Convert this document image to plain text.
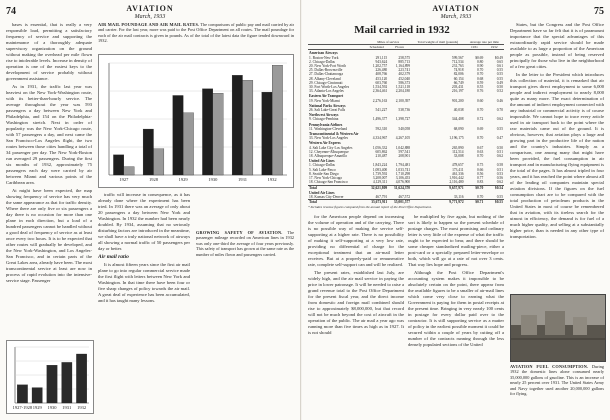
74	AVIATION
March, 1933

bases is essential, that is really a very responsible load, permitting a satisfactory frequency of service and supporting the maintenance of a thoroughly adequate supervisory organization on the ground without making the overhead per mile flown rise to intolerable levels. Increase in density of operation is one of the easiest keys to the development of service probably without government assistance.

As in 1931, the traffic last year was heaviest on the New York-Washington route, with its better-than-hourly service. The average throughout the year was 593 passengers a day between New York and Philadelphia, and 154 on the Philadelphia-Washington stretch. Next in order of popularity was the New York-Chicago route, with 57 passengers a day, and next came the San Francisco-Los Angeles flight, the two routes between those cities handling a total of 34 passenger per day. The New York-Boston run averaged 29 passengers. During the first six months of 1932, approximately 75 passengers each day were carried by air between Miami and various points of the Caribbean area.

At might have been expected, the map showing frequency of service has very much the same appearance as that for traffic density. Where there are only five or six passengers a day there is no occasion for more than one plane in each direction, but a load of a hundred passengers cannot be handled without a good deal of frequency of service as at least once every two hours. It is to be expected that other routes will gradually be developed, and the New York-Washington, and Los Angeles-San Francisco, and in certain parts of the Great Lakes area, already have been. The most transcontinental service at least are now in process of rapid evolution into the intensive-service stage. Passenger

AIR MAIL POUNDAGE AND AIR MAIL RATES. The comparisons of public pay and mail carried by air and carrier. For the last year, more was paid to the Post Office Department on all routes. The mail poundage for each of the air mail contracts is given in pounds. As of the total of the latest data the figure tended downward in 1932.
1927	1928	1929	1930	1931	1932

traffic will increase in consequence, as it has already done where the experiment has been tried. In 1931 there was an average of only about 20 passengers a day between New York and Washington. In 1932 the number had been nearly doubled. By 1934, assuming that no seriously disturbing factors are introduced in the meantime, we shall have a truly national network of airways all showing a normal traffic of 50 passengers per day or better.

Air mail ratio

It is almost fifteen years since the first air mail plane to go into regular commercial service made the first flight with letters between New York and Washington. In that time there have been four or five sharp changes of policy towards the air mail. A great deal of experience has been accumulated, and it has taught many lessons.

GROWING SAFETY OF AVIATION. The passenger mileage recorded on American lines in 1932 was only one-third the average of four years previously. This safety of transport has grown at the same rate as the number of miles flown and passengers carried.
1927-1928 1929 1930 1931 1932
75
AVIATION
March, 1933
Mail carried in 1932
	Miles of service		Total weight of mail (pounds)	Average rate per mile	
	Scheduled	Flown		1931	1932
American Airways					
1. Boston-New York	291,115	258,575	599,567	$0.69	$0.49
2. Chicago-Dallas	943,624	885,713	712,534	0.80	0.65
20. New York-Fort Worth	1,202,757	1,164,899	231,763	0.90	0.61
25. Dallas-Brownsville	226,480	223,741	74,918	0.70	0.55
27. Dallas-Chattanooga	408,766	402,379	82,006	0.70	0.55
28. Albany-Cleveland	453,120	452,040	60,154	0.68	0.55
29. Chicago-Cincinnati	603,760	586,373	66,749	0.59	0.49
30. Fort Worth-Los Angeles	1,534,592	1,521,118	203,431	0.55	0.50
33. Atlanta-Los Angeles	2,364,461	2,204,180	216,197	0.76	0.52
Eastern Air Transport					
19. New York-Miami	2,276,163	2,100,397	901,200	0.60	0.46
National Parks Airways					
26. Salt Lake-Great Falls	541,227	538,736	40,038	0.70	0.70
Northwest Airways					
9. Chicago-Pembina	1,496,377	1,398,727	344,408	0.72	0.62
Pennsylvania Airlines					
11. Washington-Cleveland	592,310	540,058	68,090	0.69	0.55
Transcontinental & Western Air					
33. New York-Los Angeles	4,334,967	4,267,105	1,196,175	0.70	0.47
Western Air Express					
4. Salt Lake City-Los Angeles	1,056,332	1,042,888	265,890	0.67	0.50
12. Cheyenne-Albuquerque	605,862	597,541	112,514	0.63	0.51
18. Albuquerque-Amarillo	210,487	208,901	33,008	0.70	0.62
United Air Lines					
1. Chicago-Dallas	1,843,224	1,794,481	478,657	0.75	0.58
5. Salt Lake-Pasco	1,083,400	1,033,741	173,411	0.66	0.51
8. Seattle-San Diego	1,739,592	1,710,298	461,336	0.56	0.53
17. New York-Chicago	3,208,007	3,106,453	1,916,442	0.77	0.56
18. Chicago-San Francisco	4,129,311	4,076,900	2,116,480	0.83	0.62
Total	32,621,809	31,624,370	9,657,971	$0.70	$0.54
United Air Lines					
18. Kansas City-Denver	467,791	467,572	33,116	0.70	0.55
Total	35,673,911	35,001,577	9,771,972	$0.71	$0.55
* Includes revenue figures computed from the annual report of the Post Office Department.

for the American people depend on increasing the volume of operation and of the carrying. There is no possible way of making the service self-supporting at a higher rate. There is no possibility of making it self-supporting at a very low rate, providing no differential of charge for the exceptional treatment that an air-mail letter receives. But at a properly-paid or remunerative rate, complete self-support can and will be realized.

The present rates, established last July, are widely high, and the air mail service in paying the price in lower patronage. It will be needed to raise a grand revenue total to the Post Office Department for the present fiscal year, and the direct income from domestic and foreign mail combined should rise to approximately $8,000,000, but that record will not be much beyond the cost of aircraft in the operation of the public. The air mail a year ago was running more than five times as high as in 1927. It is not should

be multiplied by five again, but nothing of the sort is likely to happen so the present schedule of postage charges. The most promising and ordinary letter is very little of the expense of what the traffic ought to be expected to bear, and there should be some cheaper standardized mailing-piece, either a post-card or a specially prepared letter-envelope or both, which will go at a rate of not over 3 cents. That way lies hope and progress.

Although the Post Office Department's accounting system makes it impossible to be absolutely certain on the point, there appear from the available figures to be a smaller of air-mail lines which come very close to earning what the Government is paying for them in postal receipts at the present time. Bringing in very nearly 100 cents in postage for every dollar paid over to the contractor. It is still supporting service as a matter of policy in the earliest possible moment it could be secured within a couple of years by cutting off a number of the contracts running through the less densely populated sections of the United

States, but the Congress and the Post Office Department have so far felt that it is of paramount importance that the special advantages of this extraordinarily rapid service should be made available to as large a proportion of the American people as possible, instead of being reserved principally for those who live in the neighborhood of a few great cities.

In the letter to the President which introduces this collection of material, it is remarked that air transport gives direct employment to some 6,000 people and indirect employment to nearly 8,000 quite as many more. The exact determination of the amount of indirect employment connected with any industrial or commercial activity is of course impossible. We cannot hope to trace every article used in air transport back to the point where the raw materials came out of the ground. It is obvious, however, that aviation plays a large and growing part in the productive life of the nation and the country's industries. Simply as a comparison, one among many that might have been provided, the fuel consumption in air transport and in manufacturing flying equipment is the total of the pages. It has almost tripled in four years, and it has reached the point where almost all of the leading oil companies maintain special aviation divisions. If the figures on the fuel consumption chart are to be compared with the total production of petroleum products in the United States in most of course be remembered that in aviation, with its tireless search for the utmost in efficiency, the demand is for fuel of a much higher quality, and selling at a substantially higher price, than is needed in any other type of transportation.

AVIATION FUEL CONSUMPTION. During 1932 the domestic lines alone consumed nearly 35,000,000 gallons of gasoline. This is an increase of nearly 25 percent over 1931. The United States Army and Navy together used another 20,000,000 gallons for flying.
